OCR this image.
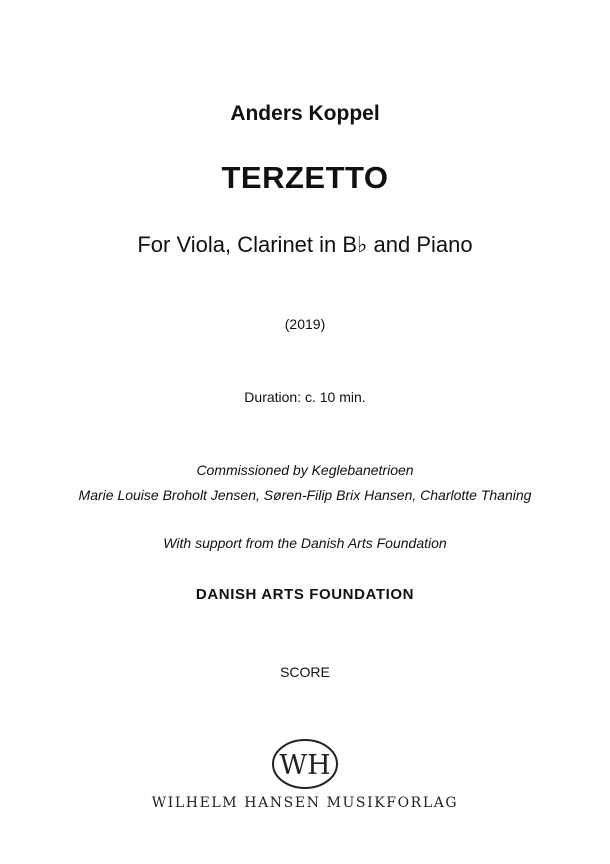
Anders Koppel
TERZETTO
For Viola, Clarinet in B♭ and Piano
(2019)
Duration: c. 10 min.
Commissioned by Keglebanetrioen
Marie Louise Broholt Jensen, Søren-Filip Brix Hansen, Charlotte Thaning
With support from the Danish Arts Foundation
DANISH ARTS FOUNDATION
SCORE
WH
WILHELM HANSEN MUSIKFORLAG
